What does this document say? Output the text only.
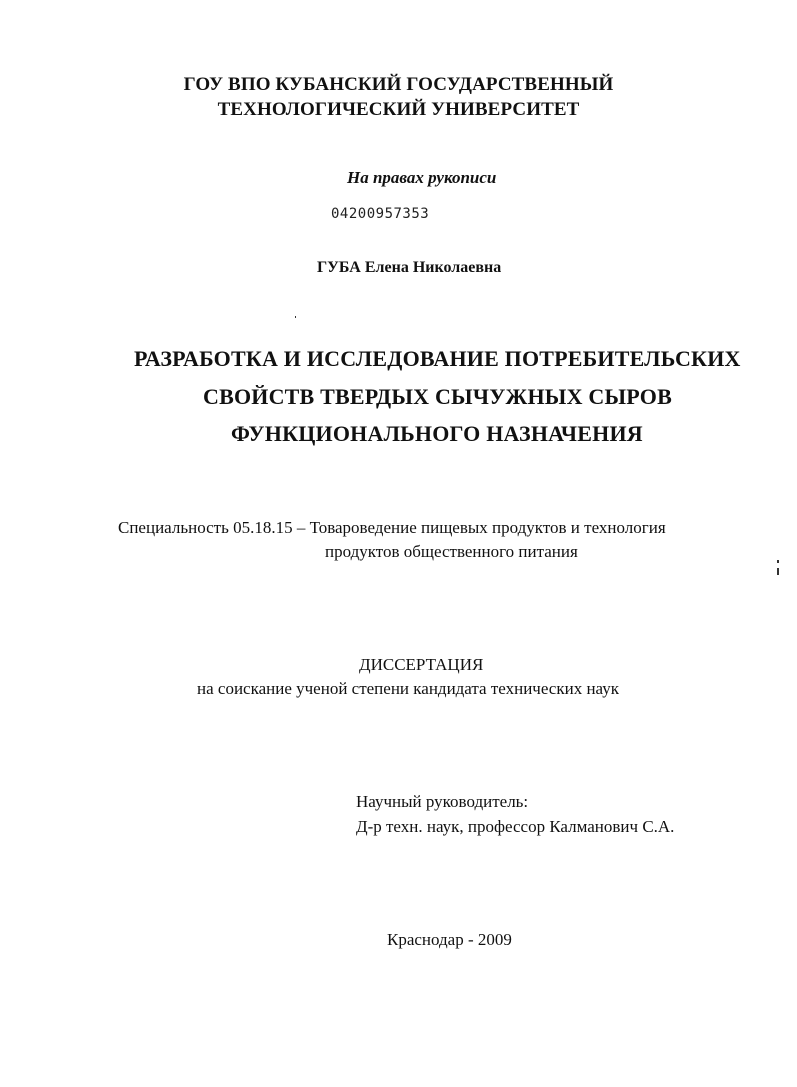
ГОУ ВПО КУБАНСКИЙ ГОСУДАРСТВЕННЫЙ
ТЕХНОЛОГИЧЕСКИЙ УНИВЕРСИТЕТ
На правах рукописи
04200957353
ГУБА Елена Николаевна
РАЗРАБОТКА И ИССЛЕДОВАНИЕ ПОТРЕБИТЕЛЬСКИХ
СВОЙСТВ ТВЕРДЫХ СЫЧУЖНЫХ СЫРОВ
ФУНКЦИОНАЛЬНОГО НАЗНАЧЕНИЯ
Специальность 05.18.15 – Товароведение пищевых продуктов и технология
продуктов общественного питания
ДИССЕРТАЦИЯ
на соискание ученой степени кандидата технических наук
Научный руководитель:
Д-р техн. наук, профессор Калманович С.А.
Краснодар - 2009
